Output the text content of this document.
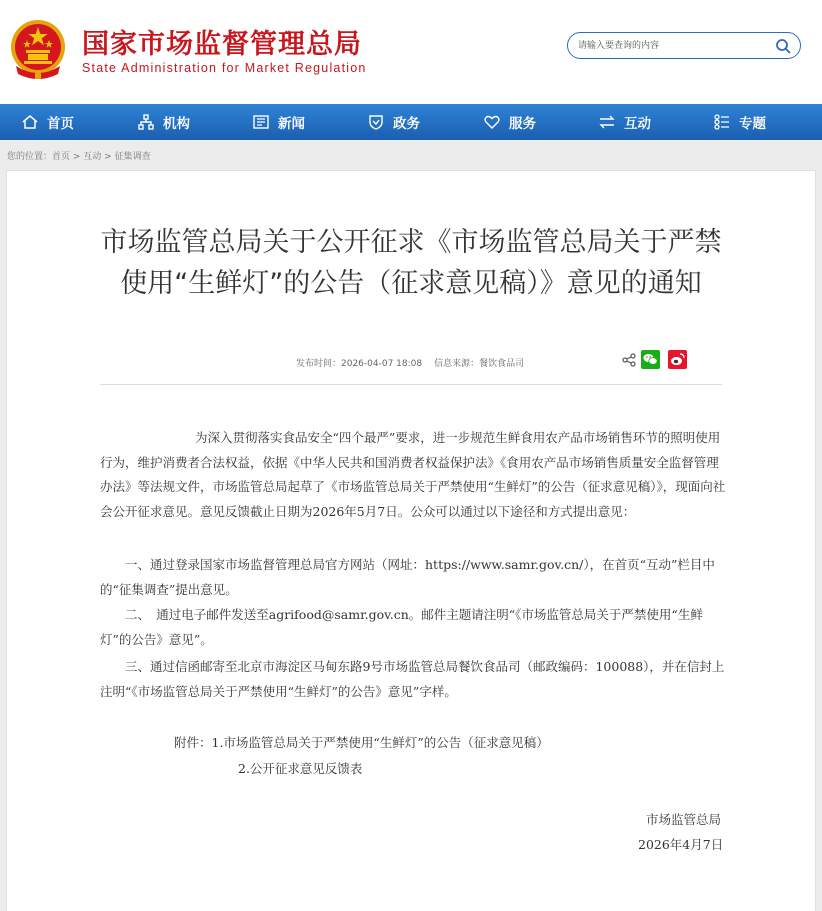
国家市场监督管理总局
State Administration for Market Regulation
请输入要查询的内容
首页	机构	新闻	政务	服务	互动	专题
您的位置：首页 > 互动 > 征集调查
市场监管总局关于公开征求《市场监管总局关于严禁使用“生鲜灯”的公告（征求意见稿）》意见的通知
发布时间：2026-04-07 18:08 信息来源：餐饮食品司

为深入贯彻落实食品安全“四个最严”要求，进一步规范生鲜食用农产品市场销售环节的照明使用行为，维护消费者合法权益，依据《中华人民共和国消费者权益保护法》《食用农产品市场销售质量安全监督管理办法》等法规文件，市场监管总局起草了《市场监管总局关于严禁使用“生鲜灯”的公告（征求意见稿）》，现面向社会公开征求意见。意见反馈截止日期为2026年5月7日。公众可以通过以下途径和方式提出意见：

一、通过登录国家市场监督管理总局官方网站（网址：https://www.samr.gov.cn/），在首页“互动”栏目中的“征集调查”提出意见。

二、　通过电子邮件发送至agrifood@samr.gov.cn。邮件主题请注明“《市场监管总局关于严禁使用“生鲜灯”的公告》意见”。

三、通过信函邮寄至北京市海淀区马甸东路9号市场监管总局餐饮食品司（邮政编码：100088），并在信封上注明“《市场监管总局关于严禁使用“生鲜灯”的公告》意见”字样。

附件：1.市场监管总局关于严禁使用“生鲜灯”的公告（征求意见稿）
2.公开征求意见反馈表
市场监管总局
2026年4月7日
